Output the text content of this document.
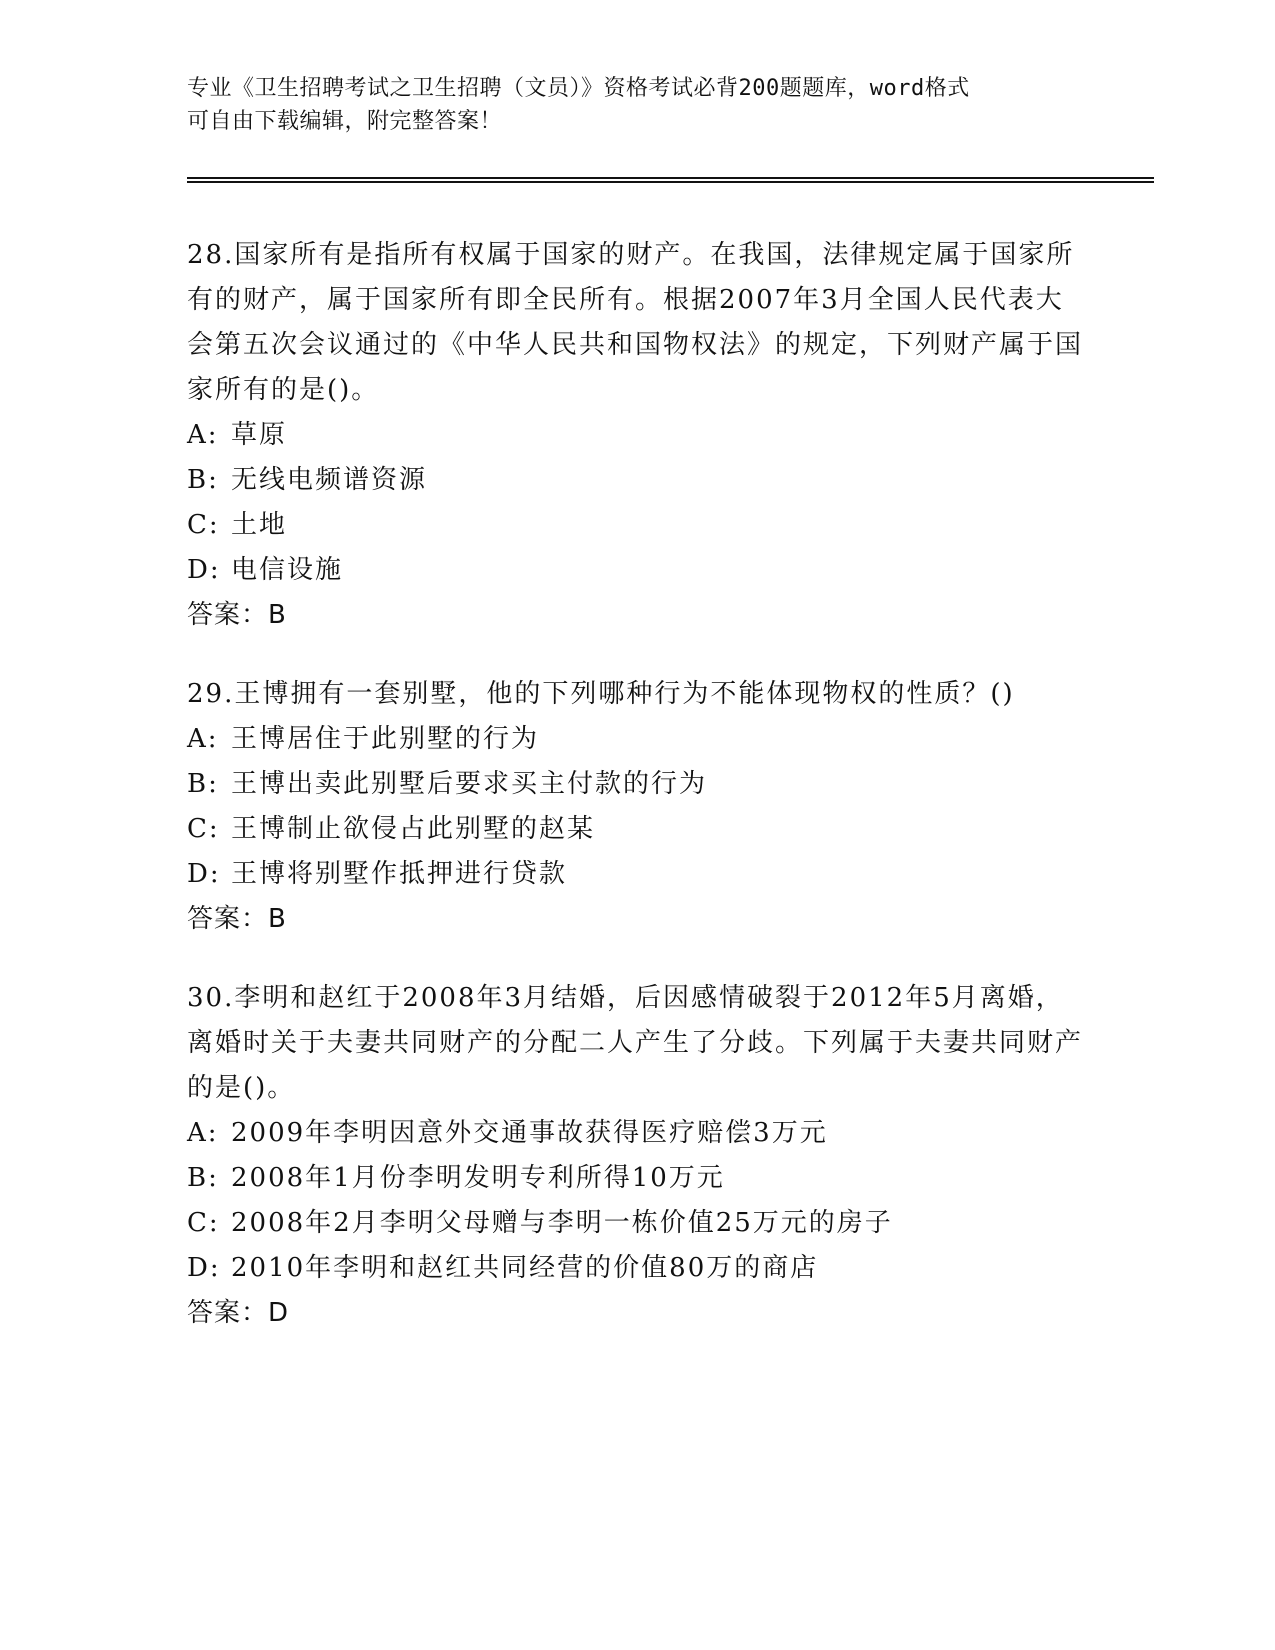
专业《卫生招聘考试之卫生招聘（文员）》资格考试必背200题题库，word格式
可自由下载编辑，附完整答案！

28.国家所有是指所有权属于国家的财产。在我国，法律规定属于国家所有的财产，属于国家所有即全民所有。根据2007年3月全国人民代表大会第五次会议通过的《中华人民共和国物权法》的规定，下列财产属于国家所有的是()。

A: 草原

B: 无线电频谱资源

C: 土地

D: 电信设施

答案：B

29.王博拥有一套别墅，他的下列哪种行为不能体现物权的性质？()

A: 王博居住于此别墅的行为

B: 王博出卖此别墅后要求买主付款的行为

C: 王博制止欲侵占此别墅的赵某

D: 王博将别墅作抵押进行贷款

答案：B

30.李明和赵红于2008年3月结婚，后因感情破裂于2012年5月离婚，离婚时关于夫妻共同财产的分配二人产生了分歧。下列属于夫妻共同财产的是()。

A: 2009年李明因意外交通事故获得医疗赔偿3万元

B: 2008年1月份李明发明专利所得10万元

C: 2008年2月李明父母赠与李明一栋价值25万元的房子

D: 2010年李明和赵红共同经营的价值80万的商店

答案：D
